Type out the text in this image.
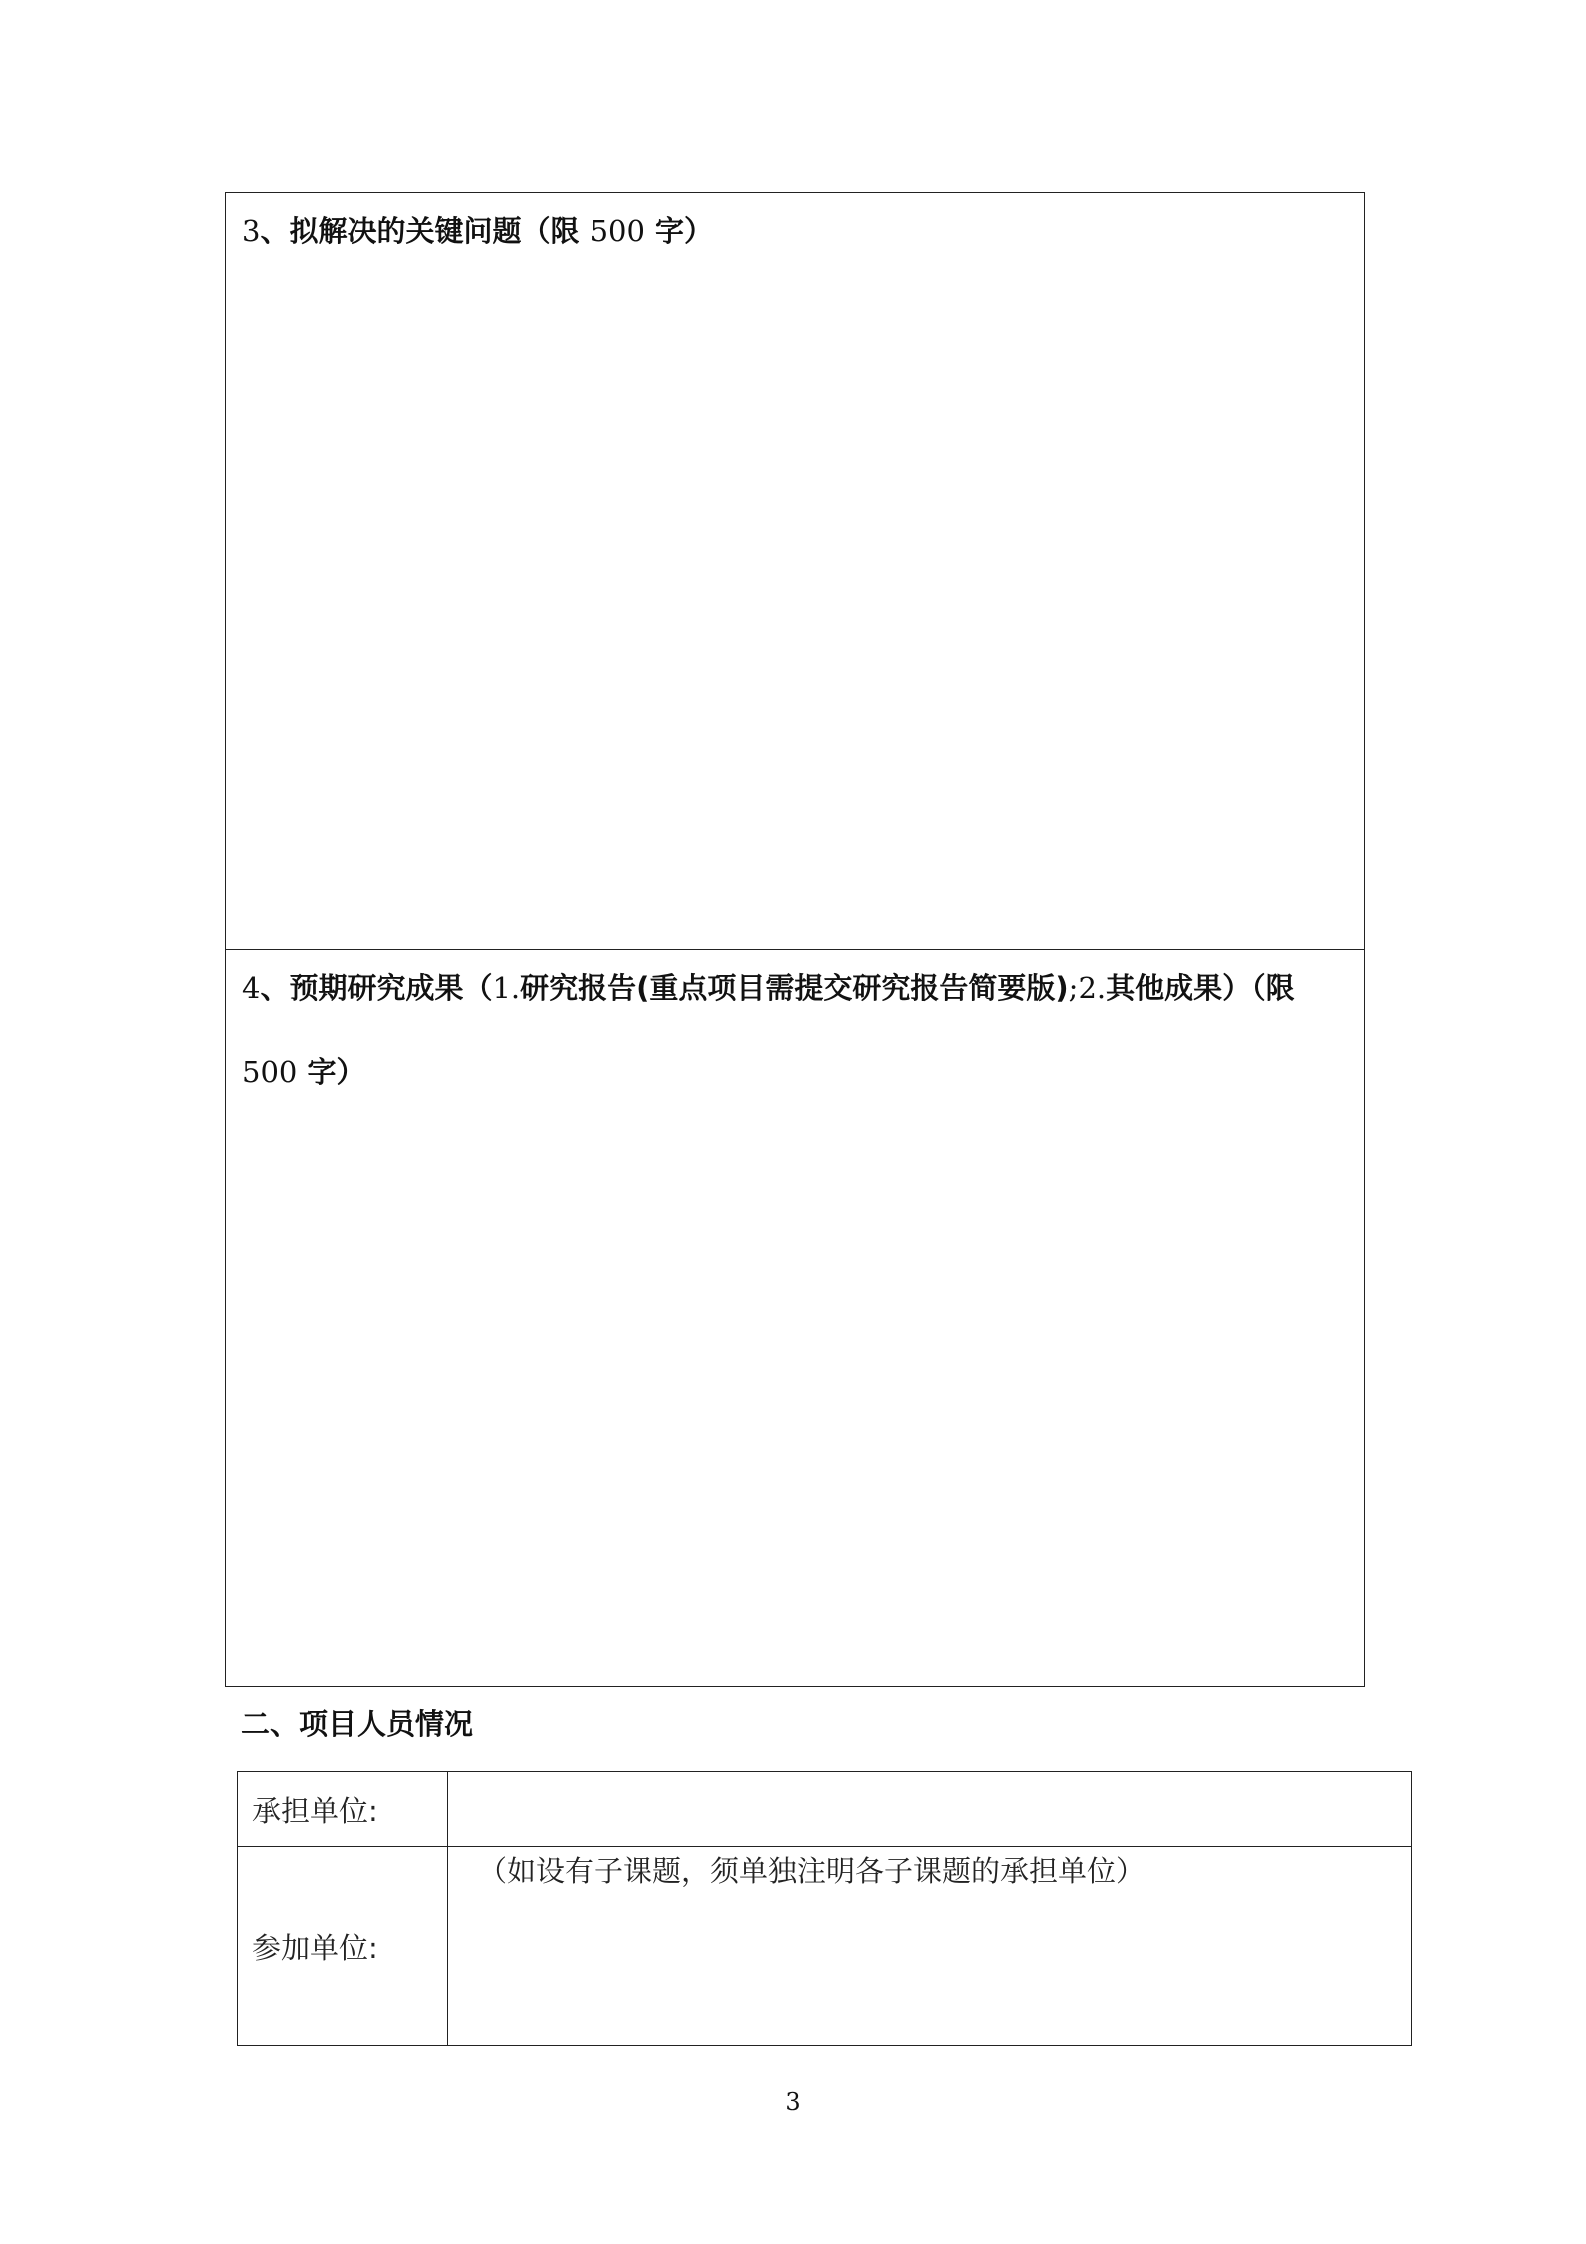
3、拟解决的关键问题（限 500 字）
4、预期研究成果（1.研究报告(重点项目需提交研究报告简要版);2.其他成果）（限 500 字）
二、项目人员情况
承担单位:	
参加单位:	（如设有子课题，须单独注明各子课题的承担单位）
3
